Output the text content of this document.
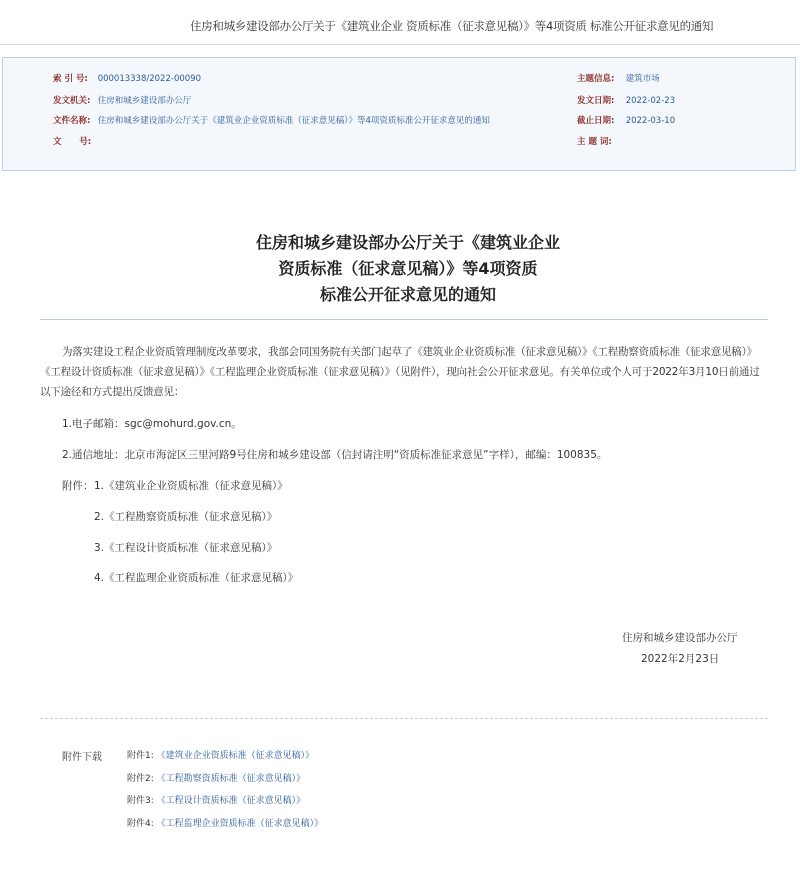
住房和城乡建设部办公厅关于《建筑业企业 资质标准（征求意见稿）》等4项资质 标准公开征求意见的通知
索 引 号: 000013338/2022-00090
发文机关: 住房和城乡建设部办公厅
文件名称: 住房和城乡建设部办公厅关于《建筑业企业资质标准（征求意见稿）》等4项资质标准公开征求意见的通知
文      号:
主题信息: 建筑市场
发文日期: 2022-02-23
截止日期: 2022-03-10
主 题 词:
住房和城乡建设部办公厅关于《建筑业企业
资质标准（征求意见稿）》等4项资质
标准公开征求意见的通知
为落实建设工程企业资质管理制度改革要求，我部会同国务院有关部门起草了《建筑业企业资质标准（征求意见稿）》《工程勘察资质标准（征求意见稿）》《工程设计资质标准（征求意见稿）》《工程监理企业资质标准（征求意见稿）》（见附件），现向社会公开征求意见。有关单位或个人可于2022年3月10日前通过以下途径和方式提出反馈意见：
1.电子邮箱：sgc@mohurd.gov.cn。
2.通信地址：北京市海淀区三里河路9号住房和城乡建设部（信封请注明“资质标准征求意见”字样），邮编：100835。
附件： 1.《建筑业企业资质标准（征求意见稿）》
2.《工程勘察资质标准（征求意见稿）》
3.《工程设计资质标准（征求意见稿）》
4.《工程监理企业资质标准（征求意见稿）》
住房和城乡建设部办公厅
2022年2月23日
附件下载	附件1: 《建筑业企业资质标准（征求意见稿）》
附件2: 《工程勘察资质标准（征求意见稿）》
附件3: 《工程设计资质标准（征求意见稿）》
附件4: 《工程监理企业资质标准（征求意见稿）》
